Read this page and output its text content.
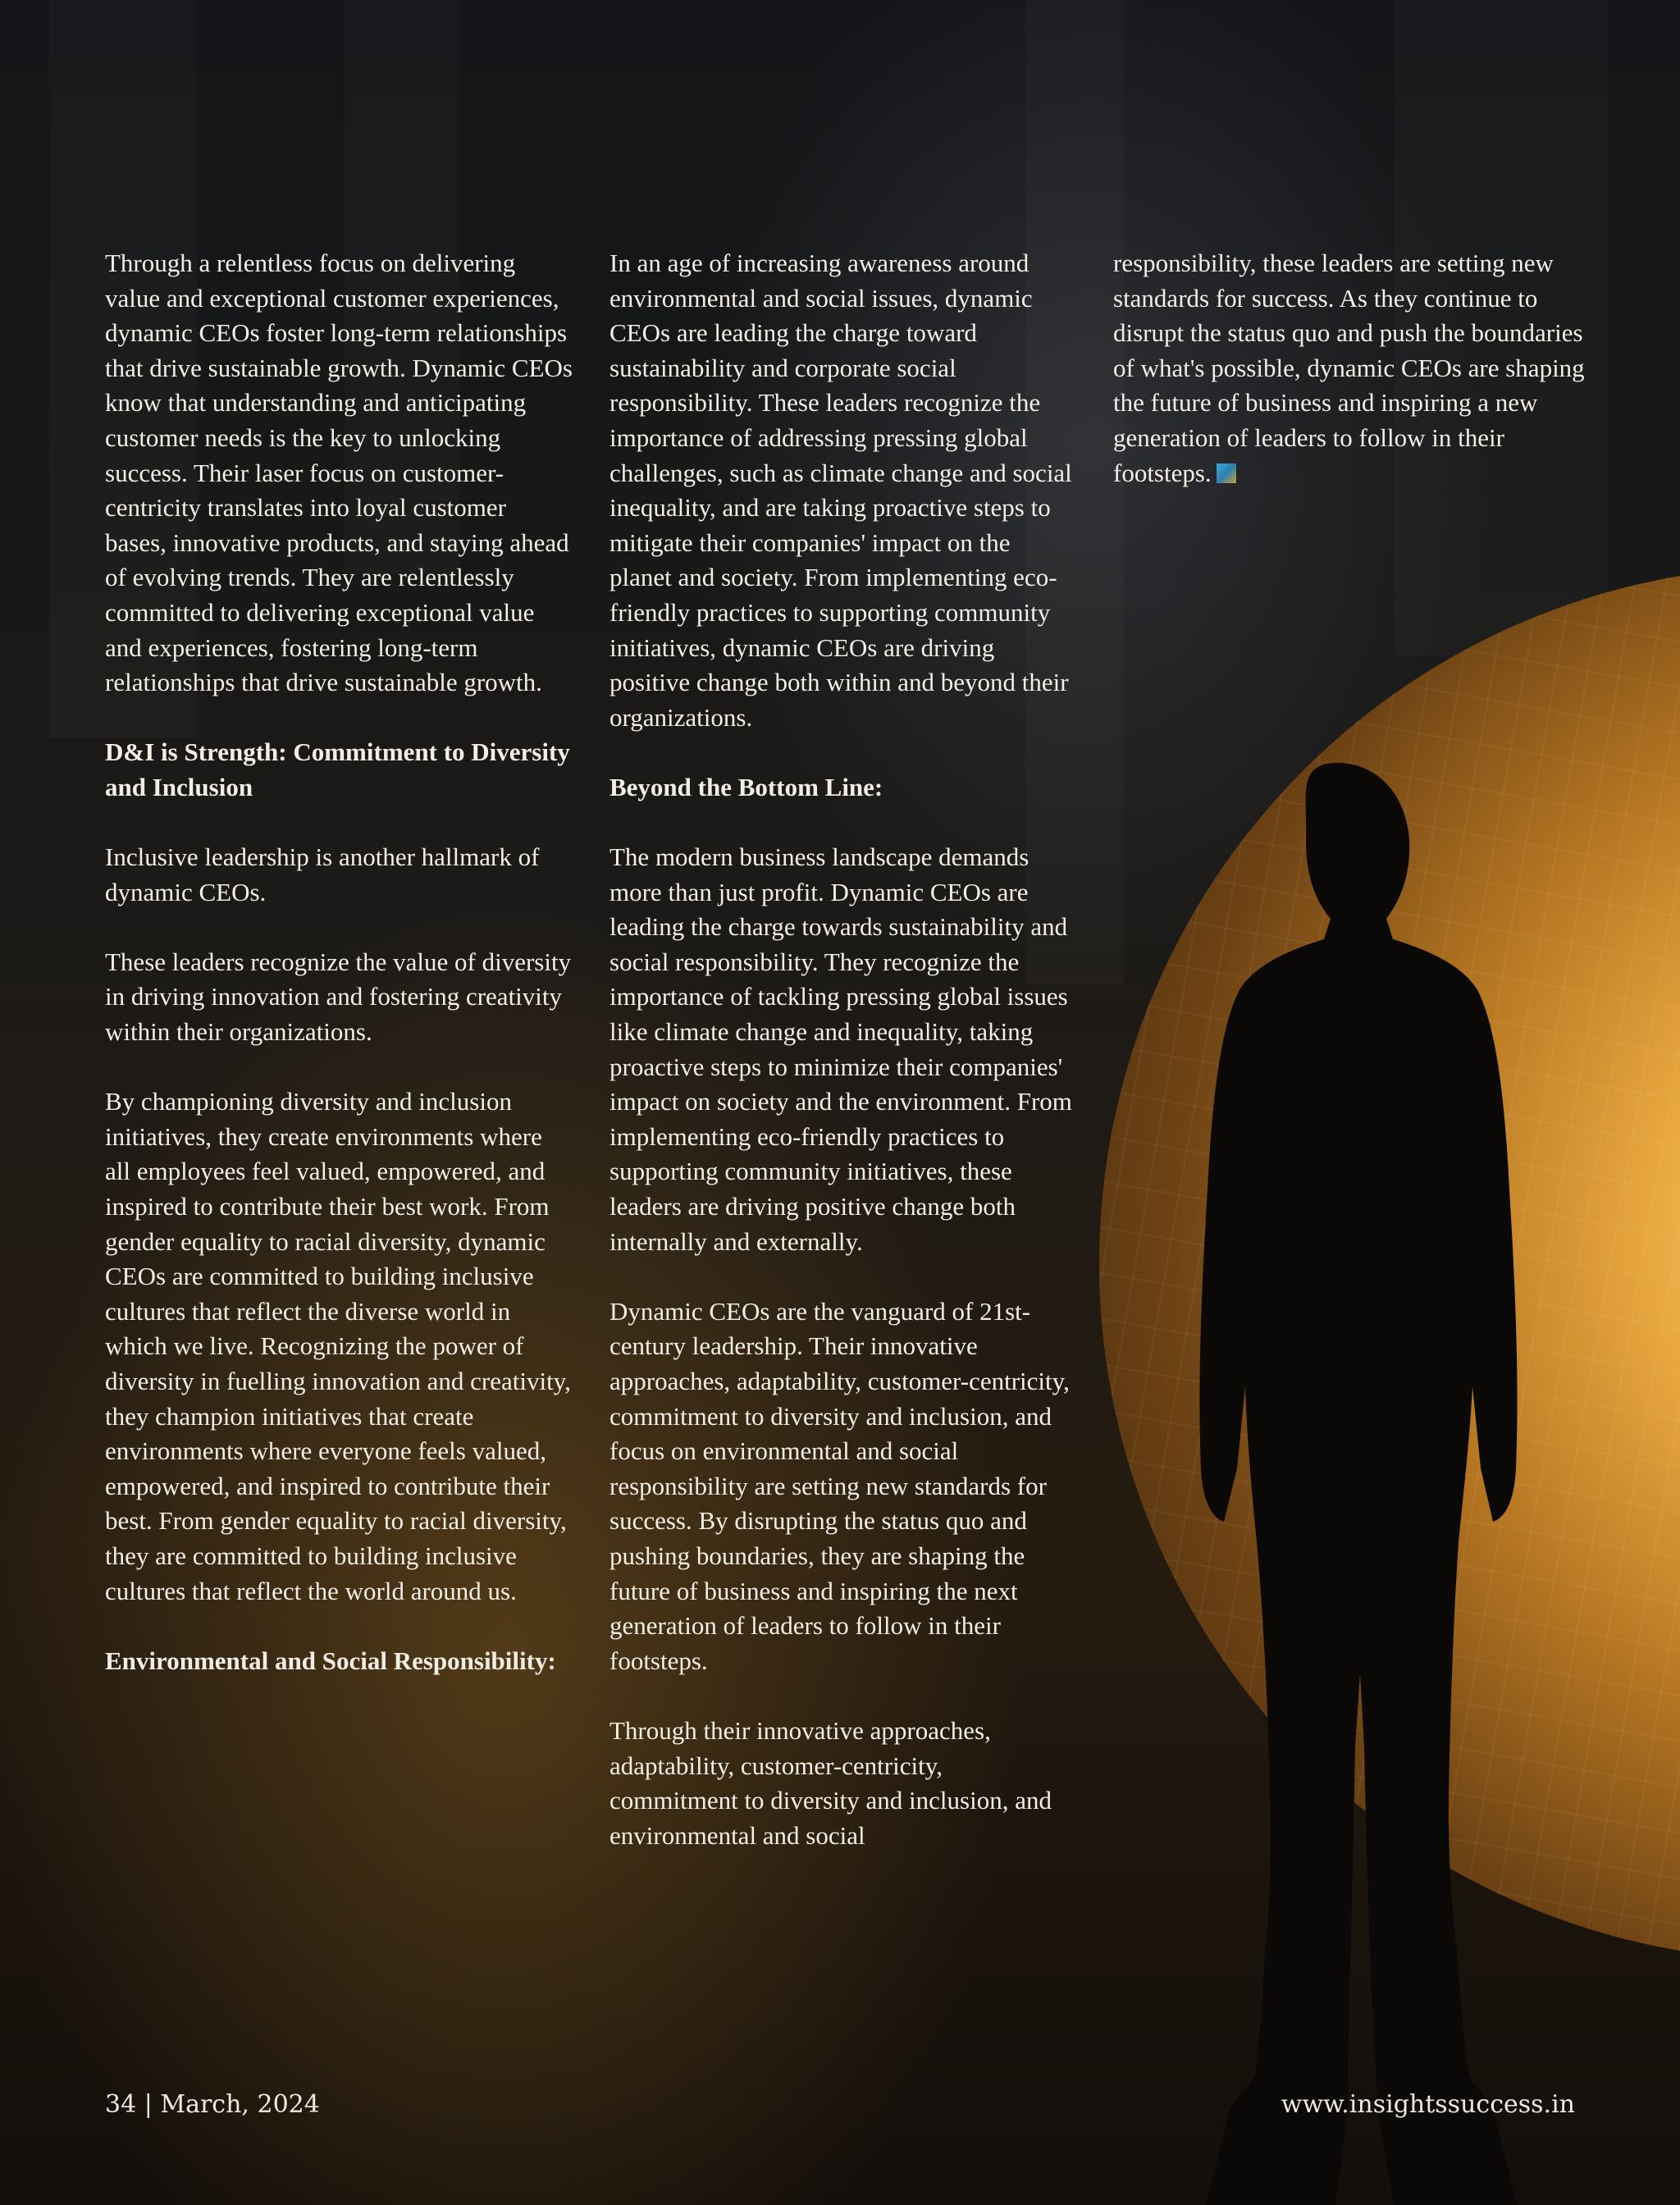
Through a relentless focus on delivering value and exceptional customer experiences, dynamic CEOs foster long-term relationships that drive sustainable growth. Dynamic CEOs know that understanding and anticipating customer needs is the key to unlocking success. Their laser focus on customer-centricity translates into loyal customer bases, innovative products, and staying ahead of evolving trends. They are relentlessly committed to delivering exceptional value and experiences, fostering long-term relationships that drive sustainable growth.

D&I is Strength: Commitment to Diversity and Inclusion

Inclusive leadership is another hallmark of dynamic CEOs.

These leaders recognize the value of diversity in driving innovation and fostering creativity within their organizations.

By championing diversity and inclusion initiatives, they create environments where all employees feel valued, empowered, and inspired to contribute their best work. From gender equality to racial diversity, dynamic CEOs are committed to building inclusive cultures that reflect the diverse world in which we live. Recognizing the power of diversity in fuelling innovation and creativity, they champion initiatives that create environments where everyone feels valued, empowered, and inspired to contribute their best. From gender equality to racial diversity, they are committed to building inclusive cultures that reflect the world around us.

Environmental and Social Responsibility:

In an age of increasing awareness around environmental and social issues, dynamic CEOs are leading the charge toward sustainability and corporate social responsibility. These leaders recognize the importance of addressing pressing global challenges, such as climate change and social inequality, and are taking proactive steps to mitigate their companies' impact on the planet and society. From implementing eco-friendly practices to supporting community initiatives, dynamic CEOs are driving positive change both within and beyond their organizations.

Beyond the Bottom Line:

The modern business landscape demands more than just profit. Dynamic CEOs are leading the charge towards sustainability and social responsibility. They recognize the importance of tackling pressing global issues like climate change and inequality, taking proactive steps to minimize their companies' impact on society and the environment. From implementing eco-friendly practices to supporting community initiatives, these leaders are driving positive change both internally and externally.

Dynamic CEOs are the vanguard of 21st-century leadership. Their innovative approaches, adaptability, customer-centricity, commitment to diversity and inclusion, and focus on environmental and social responsibility are setting new standards for success. By disrupting the status quo and pushing boundaries, they are shaping the future of business and inspiring the next generation of leaders to follow in their footsteps.

Through their innovative approaches, adaptability, customer-centricity, commitment to diversity and inclusion, and environmental and social

responsibility, these leaders are setting new standards for success. As they continue to disrupt the status quo and push the boundaries of what's possible, dynamic CEOs are shaping the future of business and inspiring a new generation of leaders to follow in their footsteps.

34 | March, 2024	www.insightssuccess.in
